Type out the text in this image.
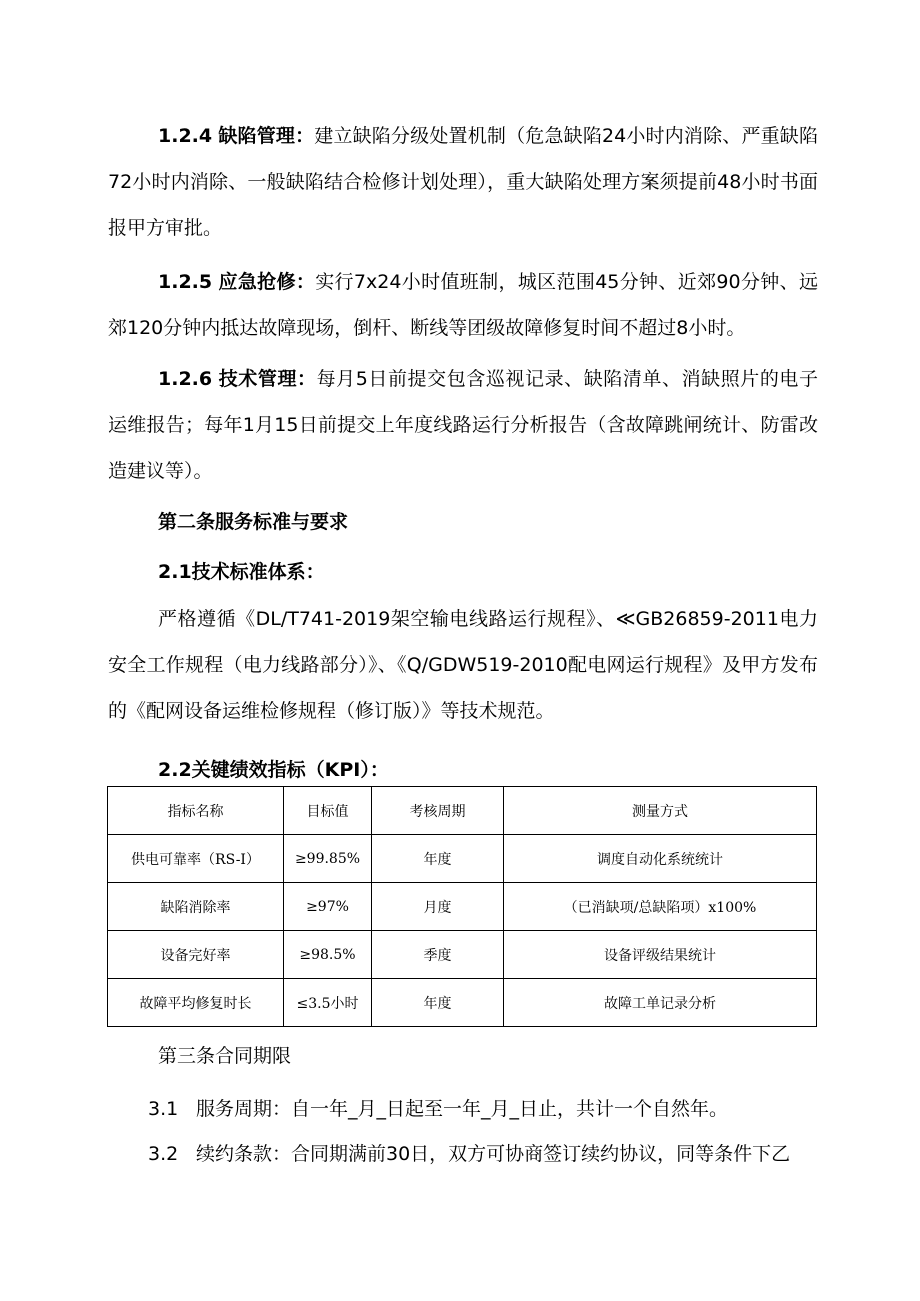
1.2.4 缺陷管理：建立缺陷分级处置机制（危急缺陷24小时内消除、严重缺陷72小时内消除、一般缺陷结合检修计划处理），重大缺陷处理方案须提前48小时书面报甲方审批。

1.2.5 应急抢修：实行7x24小时值班制，城区范围45分钟、近郊90分钟、远郊120分钟内抵达故障现场，倒杆、断线等团级故障修复时间不超过8小时。

1.2.6 技术管理：每月5日前提交包含巡视记录、缺陷清单、消缺照片的电子运维报告；每年1月15日前提交上年度线路运行分析报告（含故障跳闸统计、防雷改造建议等）。

第二条服务标准与要求

2.1技术标准体系：

严格遵循《DL/T741-2019架空输电线路运行规程》、≪GB26859-2011电力安全工作规程（电力线路部分）》、《Q/GDW519-2010配电网运行规程》及甲方发布的《配网设备运维检修规程（修订版）》等技术规范。

2.2关键绩效指标（KPI）：

指标名称	目标值	考核周期	测量方式
供电可靠率（RS-I）	≥99.85%	年度	调度自动化系统统计
缺陷消除率	≥97%	月度	（已消缺项/总缺陷项）x100%
设备完好率	≥98.5%	季度	设备评级结果统计
故障平均修复时长	≤3.5小时	年度	故障工单记录分析

第三条合同期限

3.1 服务周期：自一年_月_日起至一年_月_日止，共计一个自然年。

3.2 续约条款：合同期满前30日，双方可协商签订续约协议，同等条件下乙
